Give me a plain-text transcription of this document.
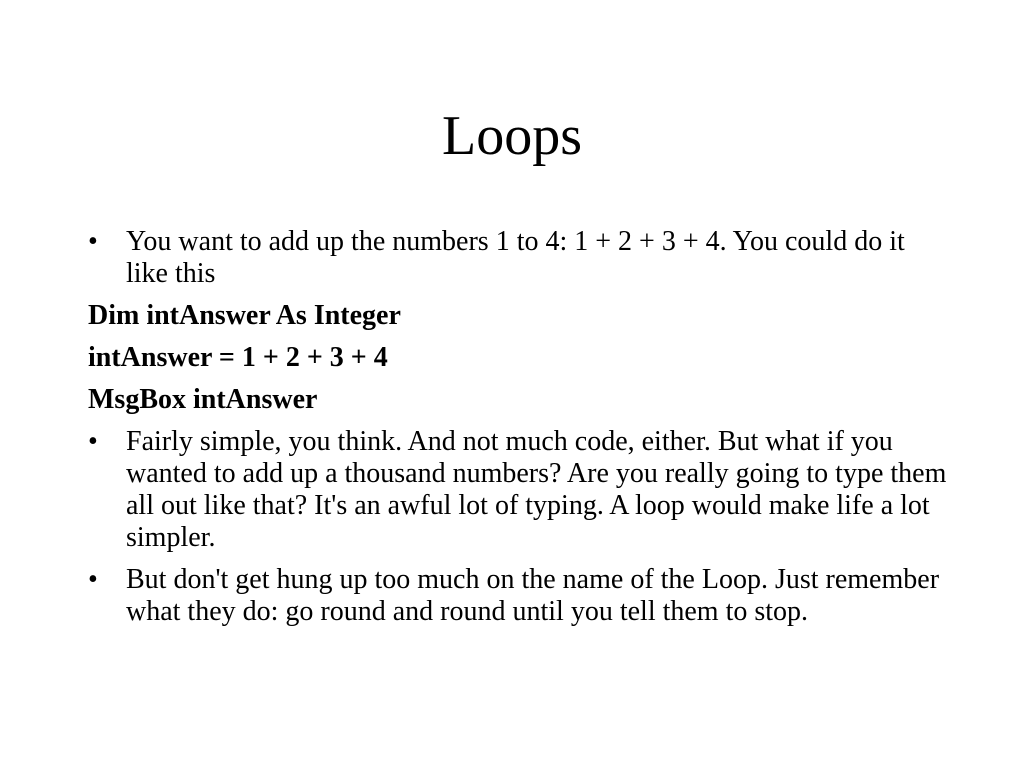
Loops
•	You want to add up the numbers 1 to 4: 1 + 2 + 3 + 4. You could do it like this
Dim intAnswer As Integer
intAnswer = 1 + 2 + 3 + 4
MsgBox intAnswer
•	Fairly simple, you think. And not much code, either. But what if you wanted to add up a thousand numbers? Are you really going to type them all out like that? It's an awful lot of typing. A loop would make life a lot simpler.
•	But don't get hung up too much on the name of the Loop. Just remember what they do: go round and round until you tell them to stop.
